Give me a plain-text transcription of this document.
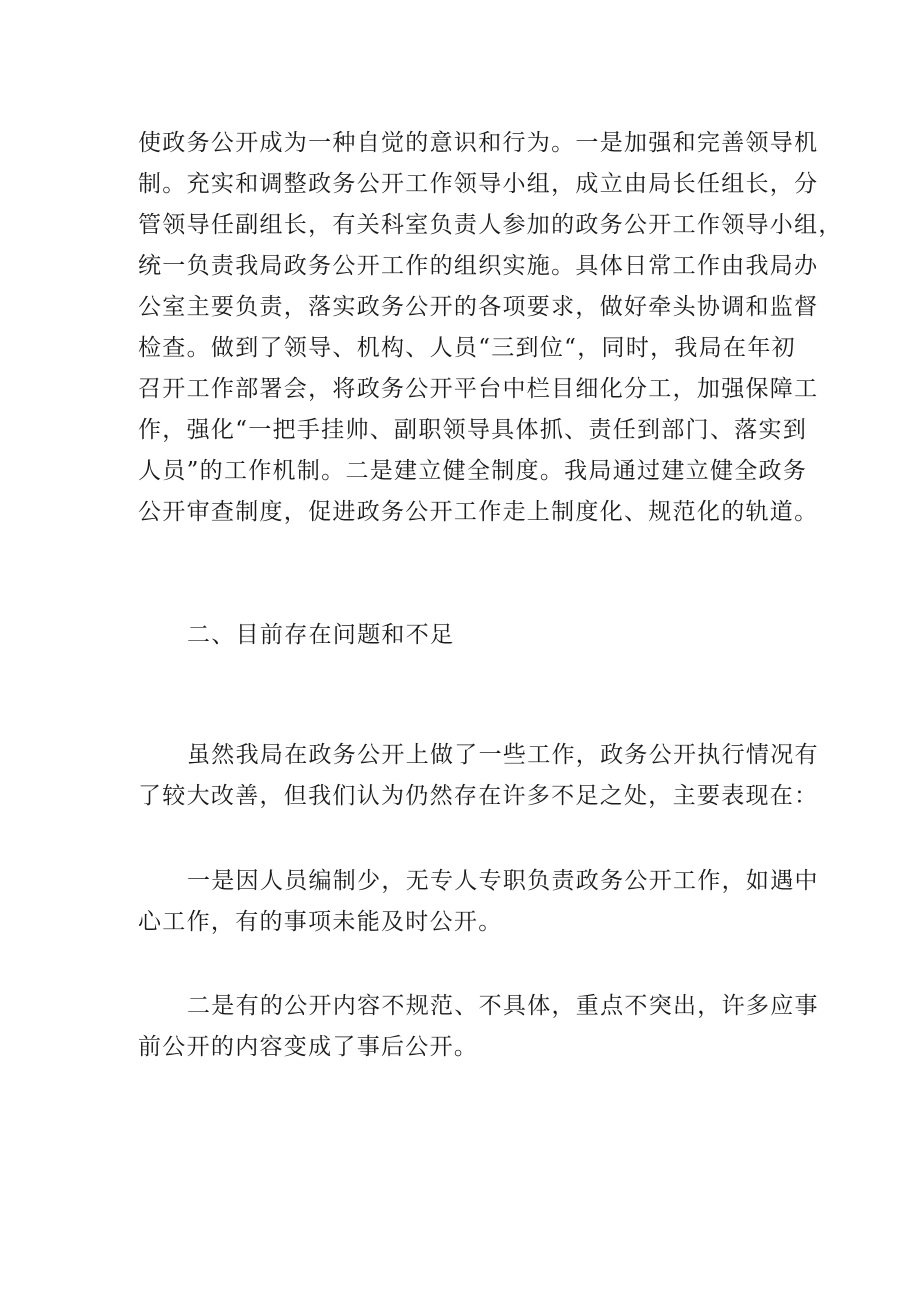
使政务公开成为一种自觉的意识和行为。一是加强和完善领导机
制。充实和调整政务公开工作领导小组，成立由局长任组长，分
管领导任副组长，有关科室负责人参加的政务公开工作领导小组，
统一负责我局政务公开工作的组织实施。具体日常工作由我局办
公室主要负责，落实政务公开的各项要求，做好牵头协调和监督
检查。做到了领导、机构、人员“三到位“，同时，我局在年初
召开工作部署会，将政务公开平台中栏目细化分工，加强保障工
作，强化“一把手挂帅、副职领导具体抓、责任到部门、落实到
人员”的工作机制。二是建立健全制度。我局通过建立健全政务
公开审查制度，促进政务公开工作走上制度化、规范化的轨道。
二、目前存在问题和不足
虽然我局在政务公开上做了一些工作，政务公开执行情况有
了较大改善，但我们认为仍然存在许多不足之处，主要表现在：
一是因人员编制少，无专人专职负责政务公开工作，如遇中
心工作，有的事项未能及时公开。
二是有的公开内容不规范、不具体，重点不突出，许多应事
前公开的内容变成了事后公开。
